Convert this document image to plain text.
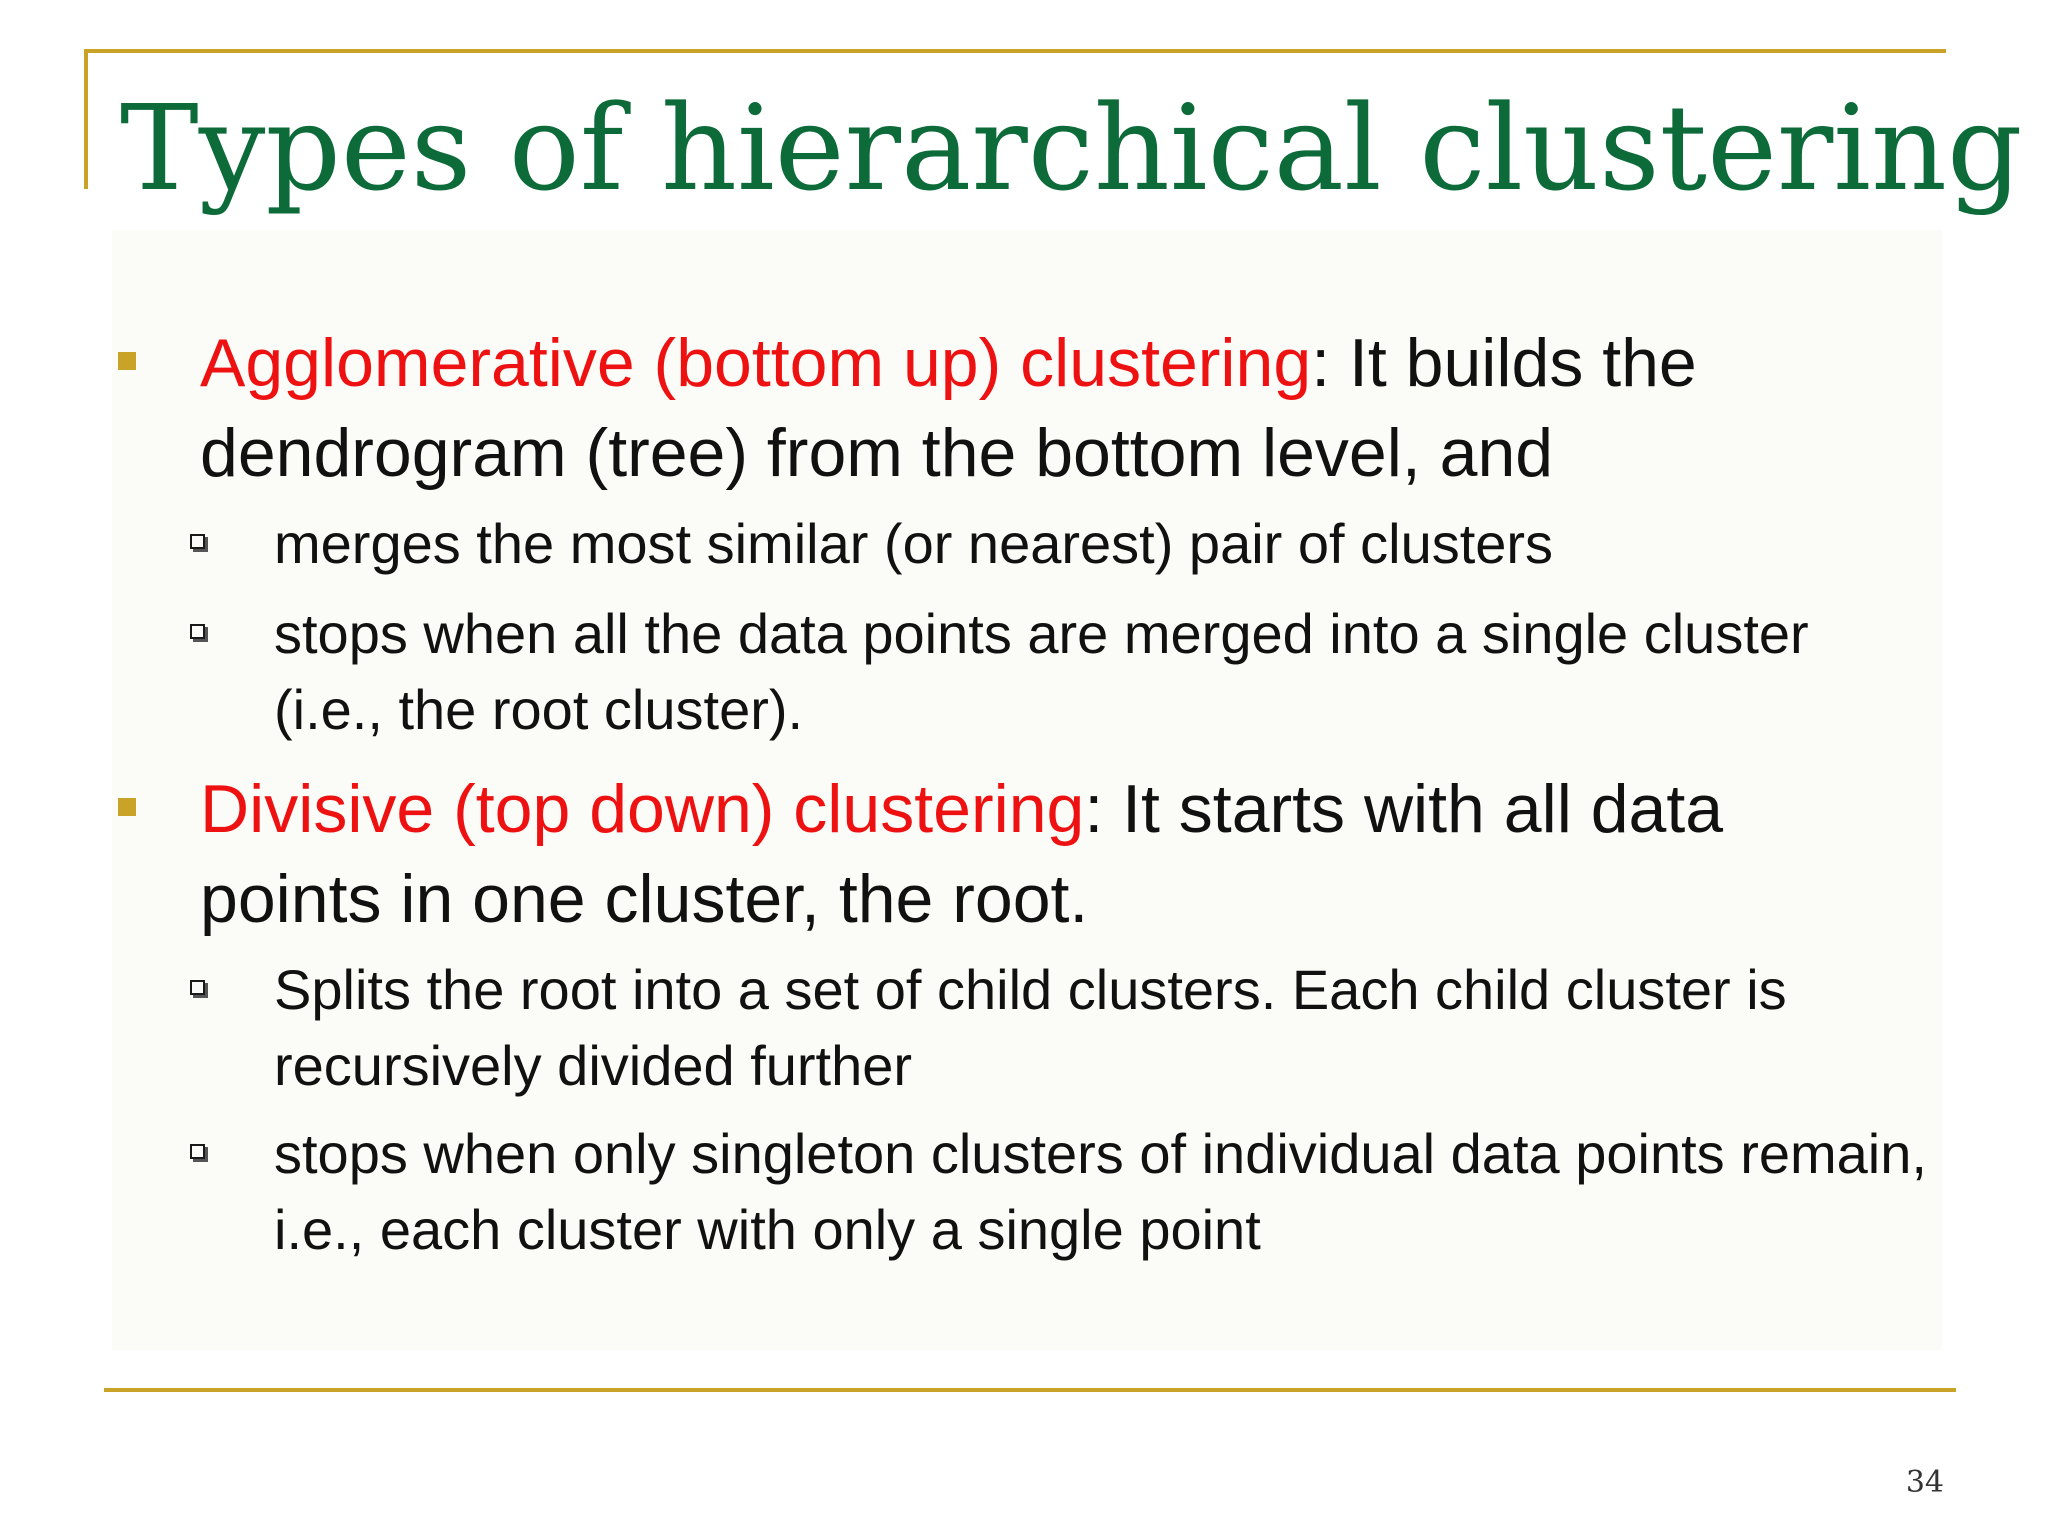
Types of hierarchical clustering
Agglomerative (bottom up) clustering: It builds the dendrogram (tree) from the bottom level, and
merges the most similar (or nearest) pair of clusters
stops when all the data points are merged into a single cluster (i.e., the root cluster).
Divisive (top down) clustering: It starts with all data points in one cluster, the root.
Splits the root into a set of child clusters. Each child cluster is recursively divided further
stops when only singleton clusters of individual data points remain, i.e., each cluster with only a single point
34
